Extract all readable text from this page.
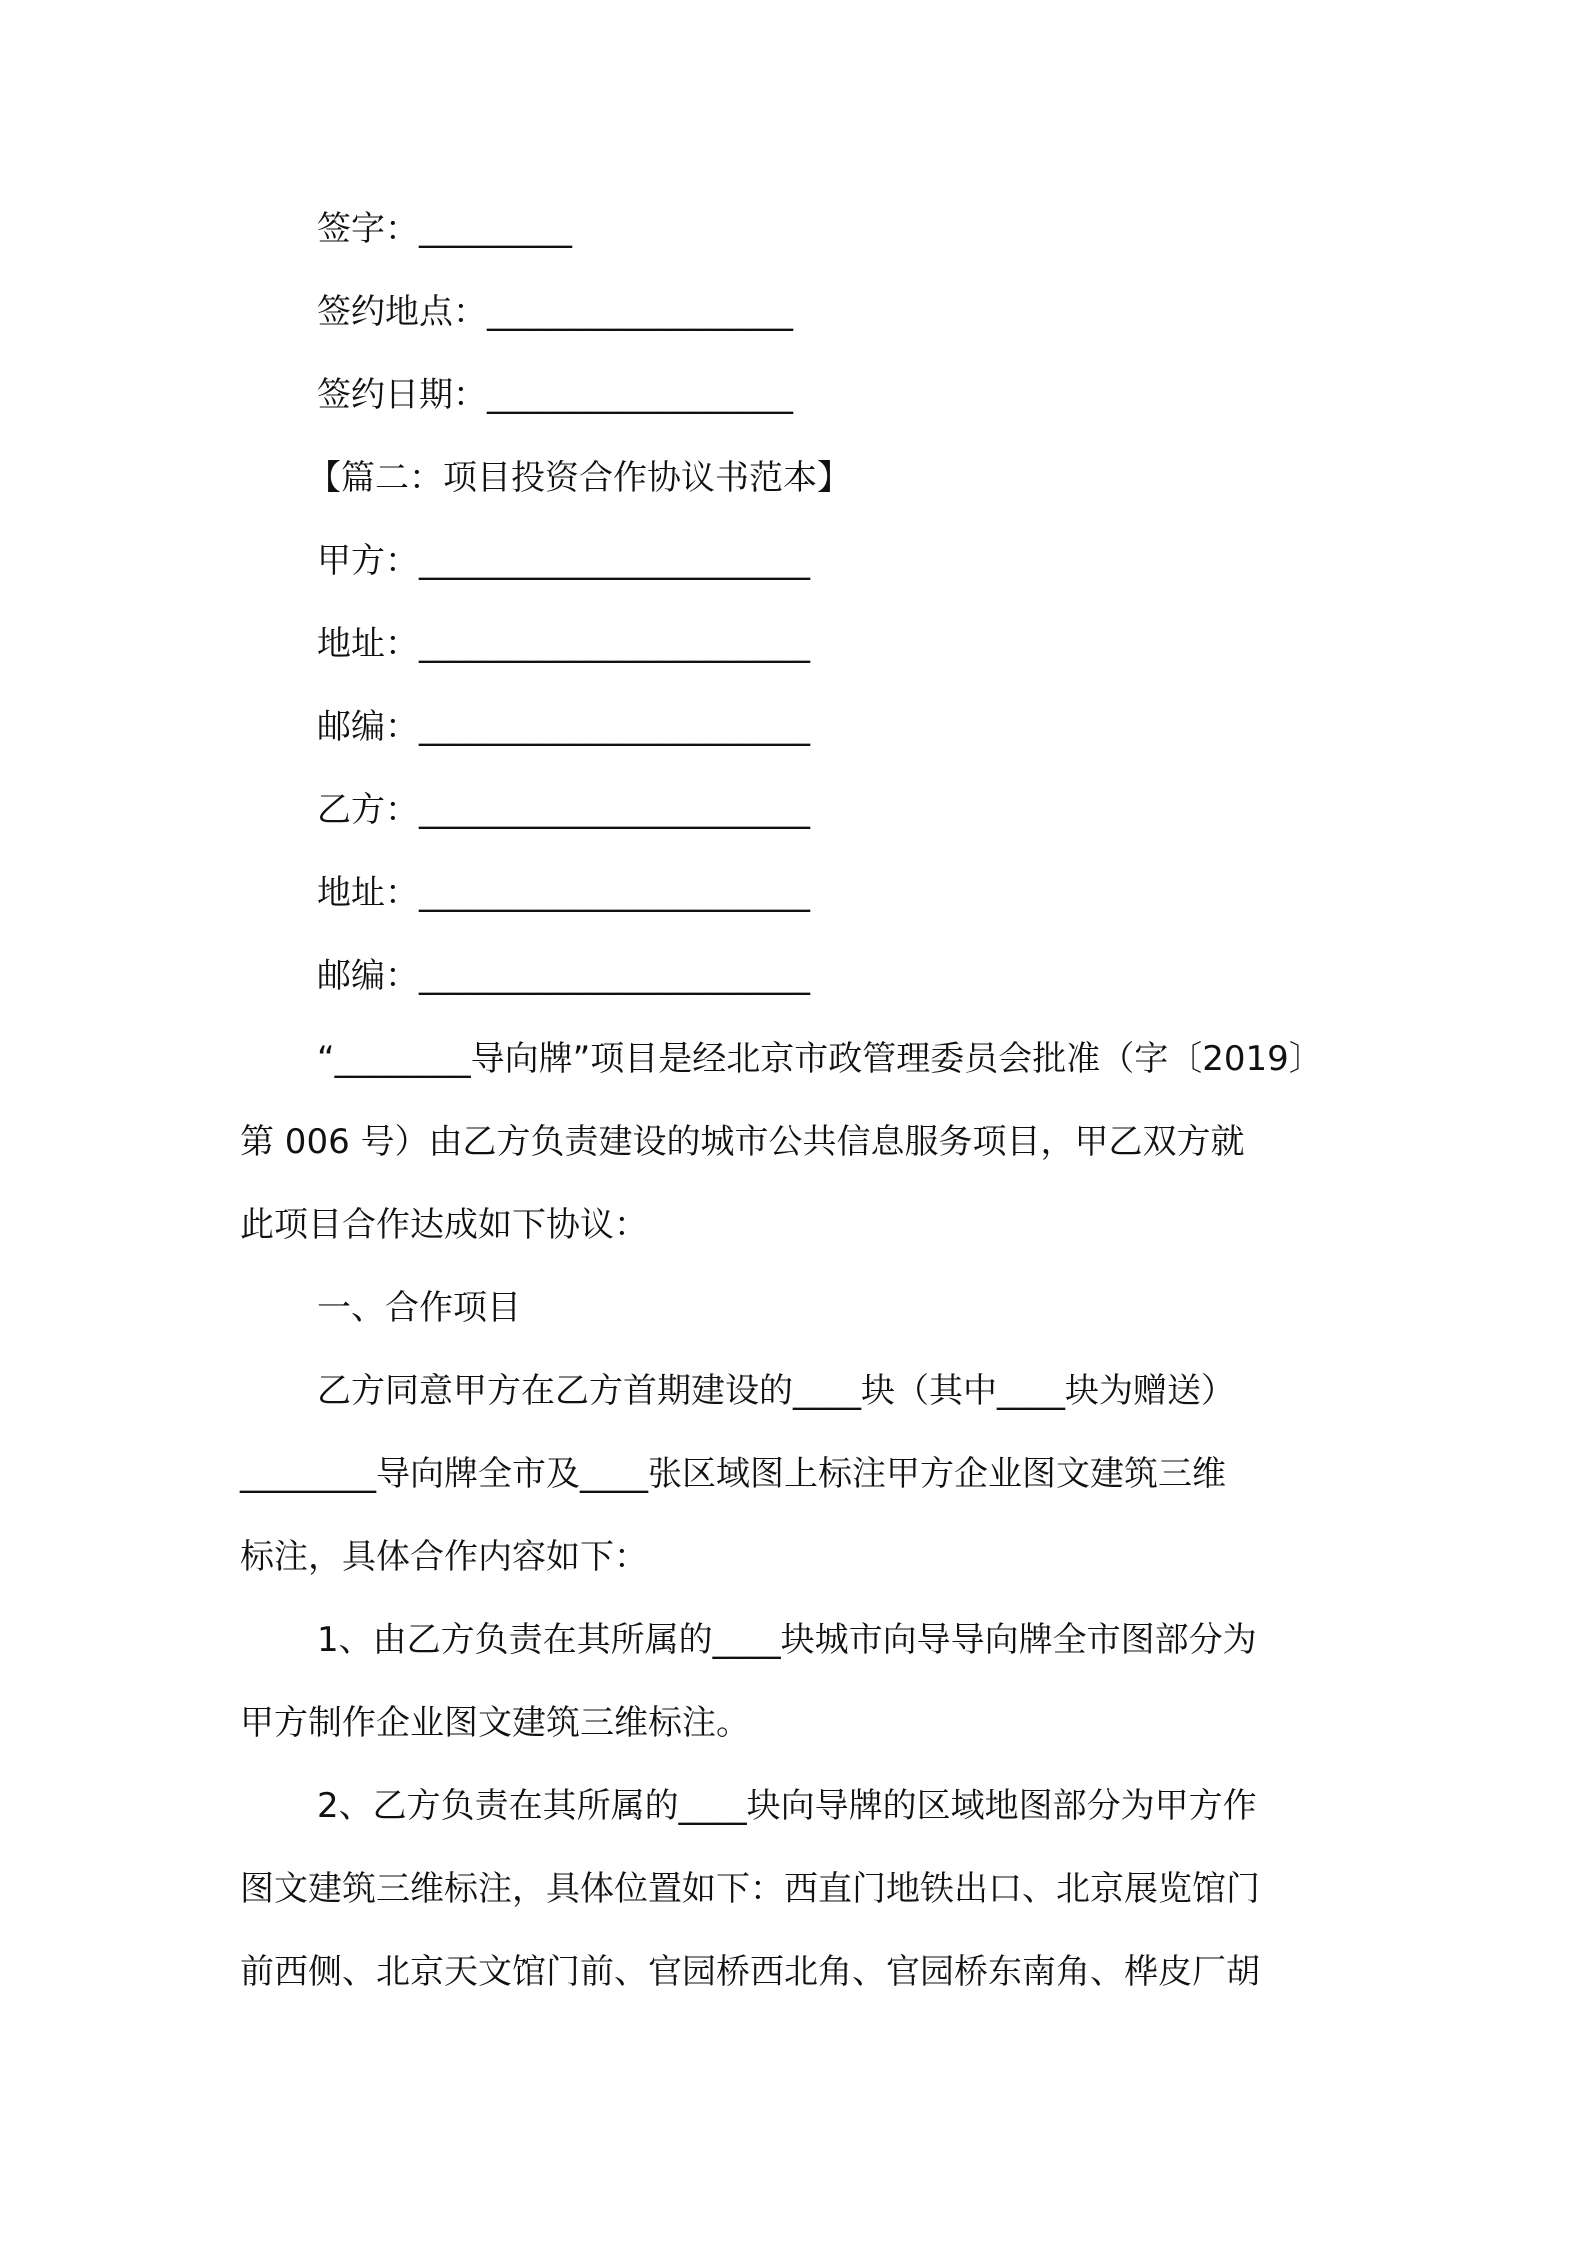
签字：_________
签约地点：__________________
签约日期：__________________
【篇二：项目投资合作协议书范本】
甲方：_______________________
地址：_______________________
邮编：_______________________
乙方：_______________________
地址：_______________________
邮编：_______________________
“________导向牌”项目是经北京市政管理委员会批准（字〔2019〕
第 006 号）由乙方负责建设的城市公共信息服务项目，甲乙双方就
此项目合作达成如下协议：
一、合作项目
乙方同意甲方在乙方首期建设的____块（其中____块为赠送）
________导向牌全市及____张区域图上标注甲方企业图文建筑三维
标注，具体合作内容如下：
1、由乙方负责在其所属的____块城市向导导向牌全市图部分为
甲方制作企业图文建筑三维标注。
2、乙方负责在其所属的____块向导牌的区域地图部分为甲方作
图文建筑三维标注，具体位置如下：西直门地铁出口、北京展览馆门
前西侧、北京天文馆门前、官园桥西北角、官园桥东南角、桦皮厂胡
